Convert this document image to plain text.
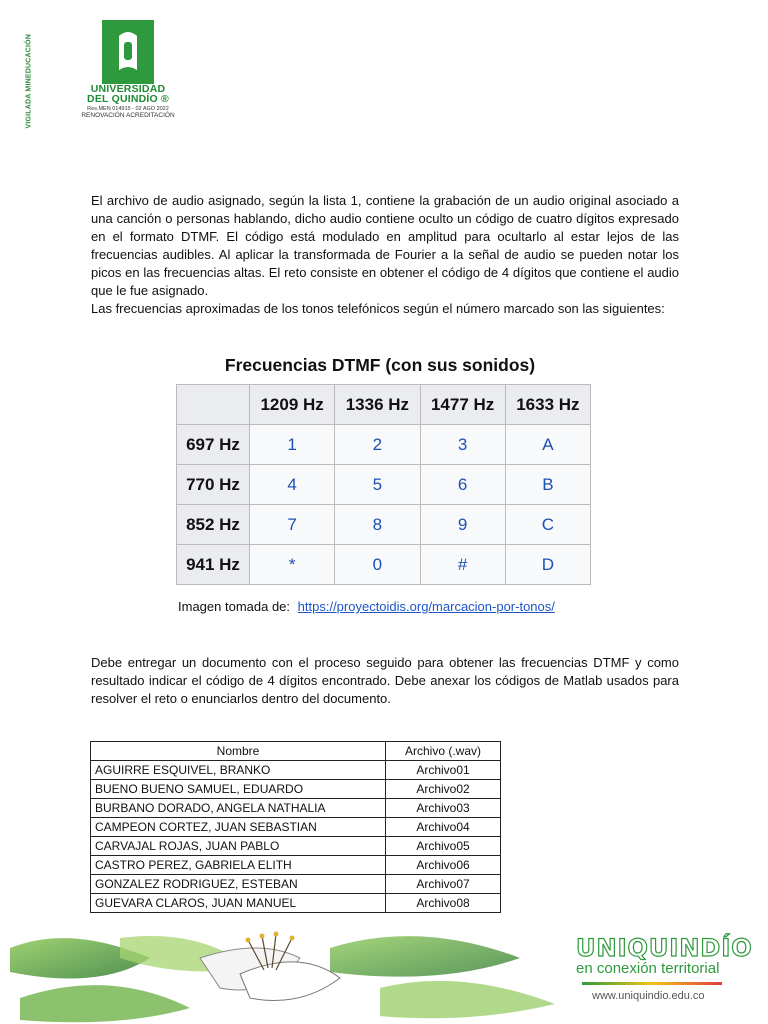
VIGILADA MINEDUCACIÓN	UNIVERSIDAD
DEL QUINDÍO ®
Res.MEN 014915 - 02 AGO 2022
RENOVACIÓN ACREDITACIÓN
El archivo de audio asignado, según la lista 1, contiene la grabación de un audio original asociado a una canción o personas hablando, dicho audio contiene oculto un código de cuatro dígitos expresado en el formato DTMF. El código está modulado en amplitud para ocultarlo al estar lejos de las frecuencias audibles. Al aplicar la transformada de Fourier a la señal de audio se pueden notar los picos en las frecuencias altas. El reto consiste en obtener el código de 4 dígitos que contiene el audio que le fue asignado.
Las frecuencias aproximadas de los tonos telefónicos según el número marcado son las siguientes:
Frecuencias DTMF (con sus sonidos)
	1209 Hz	1336 Hz	1477 Hz	1633 Hz
697 Hz	1	2	3	A
770 Hz	4	5	6	B
852 Hz	7	8	9	C
941 Hz	*	0	#	D
Imagen tomada de: https://proyectoidis.org/marcacion-por-tonos/
Debe entregar un documento con el proceso seguido para obtener las frecuencias DTMF y como resultado indicar el código de 4 dígitos encontrado. Debe anexar los códigos de Matlab usados para resolver el reto o enunciarlos dentro del documento.
Nombre	Archivo (.wav)
AGUIRRE ESQUIVEL, BRANKO	Archivo01
BUENO BUENO SAMUEL, EDUARDO	Archivo02
BURBANO DORADO, ANGELA NATHALIA	Archivo03
CAMPEON CORTEZ, JUAN SEBASTIAN	Archivo04
CARVAJAL ROJAS, JUAN PABLO	Archivo05
CASTRO PEREZ, GABRIELA ELITH	Archivo06
GONZALEZ RODRIGUEZ, ESTEBAN	Archivo07
GUEVARA CLAROS, JUAN MANUEL	Archivo08
UNIQUINDÍO
en conexión territorial
www.uniquindio.edu.co
